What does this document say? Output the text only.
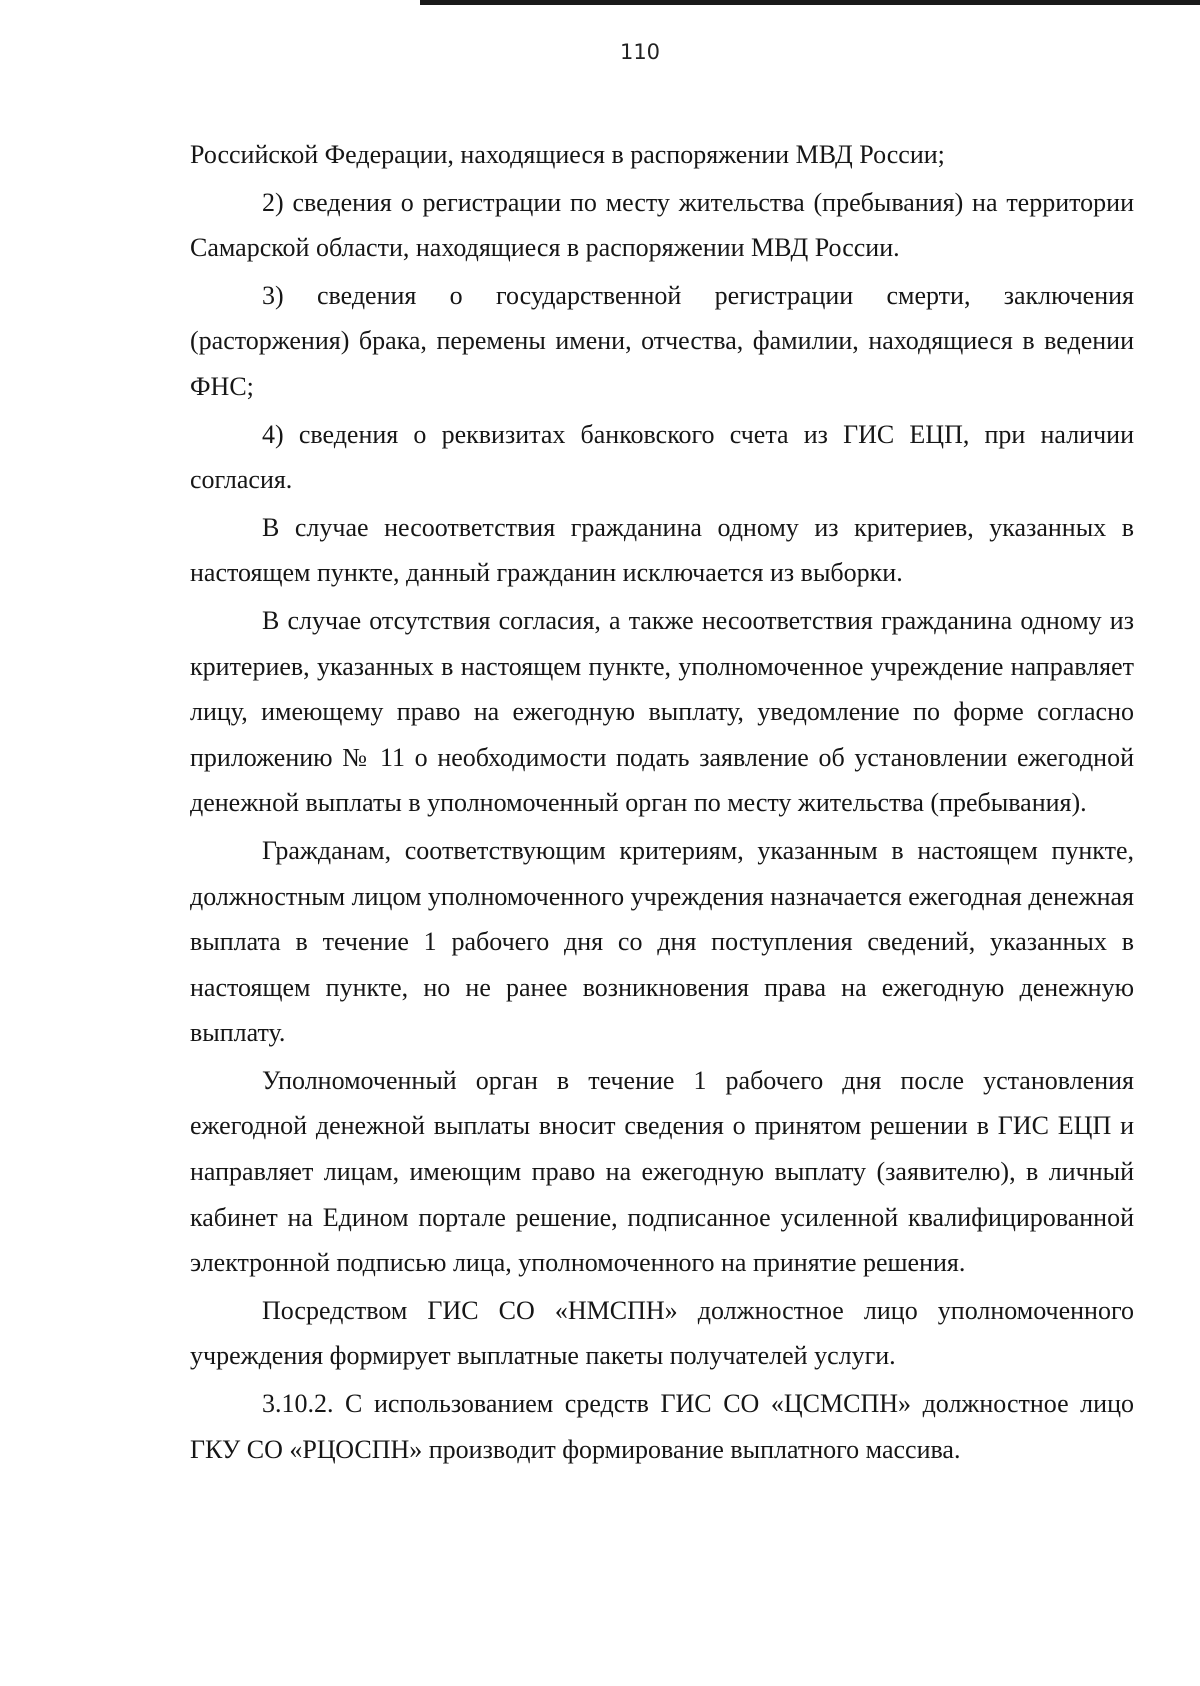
110

Российской Федерации, находящиеся в распоряжении МВД России;

2) сведения о регистрации по месту жительства (пребывания) на территории Самарской области, находящиеся в распоряжении МВД России.

3) сведения о государственной регистрации смерти, заключения (расторжения) брака, перемены имени, отчества, фамилии, находящиеся в ведении ФНС;

4) сведения о реквизитах банковского счета из ГИС ЕЦП, при наличии согласия.

В случае несоответствия гражданина одному из критериев, указанных в настоящем пункте, данный гражданин исключается из выборки.

В случае отсутствия согласия, а также несоответствия гражданина одному из критериев, указанных в настоящем пункте, уполномоченное учреждение направляет лицу, имеющему право на ежегодную выплату, уведомление по форме согласно приложению № 11 о необходимости подать заявление об установлении ежегодной денежной выплаты в уполномоченный орган по месту жительства (пребывания).

Гражданам, соответствующим критериям, указанным в настоящем пункте, должностным лицом уполномоченного учреждения назначается ежегодная денежная выплата в течение 1 рабочего дня со дня поступления сведений, указанных в настоящем пункте, но не ранее возникновения права на ежегодную денежную выплату.

Уполномоченный орган в течение 1 рабочего дня после установления ежегодной денежной выплаты вносит сведения о принятом решении в ГИС ЕЦП и направляет лицам, имеющим право на ежегодную выплату (заявителю), в личный кабинет на Едином портале решение, подписанное усиленной квалифицированной электронной подписью лица, уполномоченного на принятие решения.

Посредством ГИС СО «НМСПН» должностное лицо уполномоченного учреждения формирует выплатные пакеты получателей услуги.

3.10.2. С использованием средств ГИС СО «ЦСМСПН» должностное лицо ГКУ СО «РЦОСПН» производит формирование выплатного массива.
